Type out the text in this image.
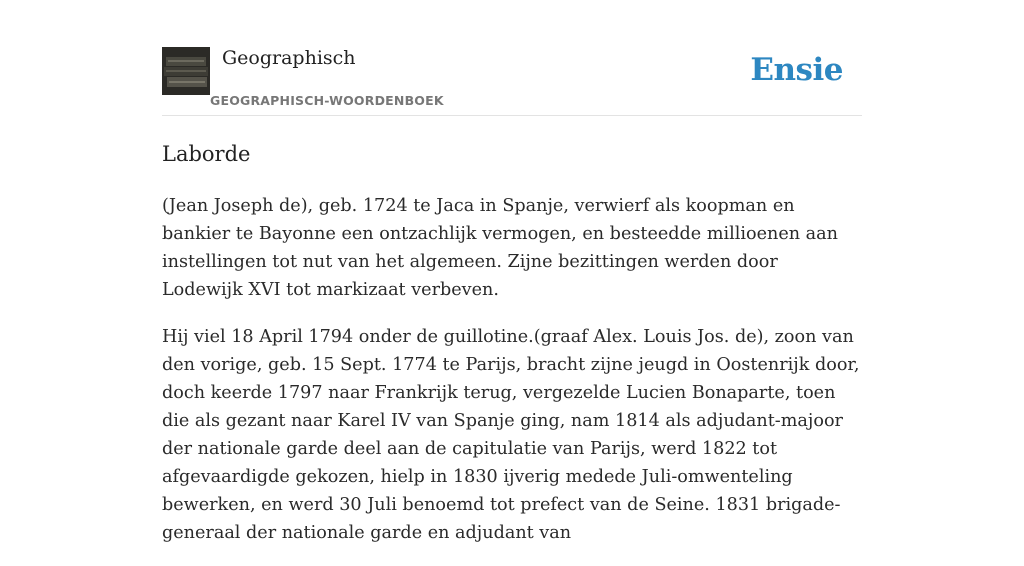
Geographisch
GEOGRAPHISCH-WOORDENBOEK
Ensie
Laborde

(Jean Joseph de), geb. 1724 te Jaca in Spanje, verwierf als koopman en bankier te Bayonne een ontzachlijk vermogen, en besteedde millioenen aan instellingen tot nut van het algemeen. Zijne bezittingen werden door Lodewijk XVI tot markizaat verbeven.

Hij viel 18 April 1794 onder de guillotine.(graaf Alex. Louis Jos. de), zoon van den vorige, geb. 15 Sept. 1774 te Parijs, bracht zijne jeugd in Oostenrijk door, doch keerde 1797 naar Frankrijk terug, vergezelde Lucien Bonaparte, toen die als gezant naar Karel IV van Spanje ging, nam 1814 als adjudant-majoor der nationale garde deel aan de capitulatie van Parijs, werd 1822 tot afgevaardigde gekozen, hielp in 1830 ijverig medede Juli-omwenteling bewerken, en werd 30 Juli benoemd tot prefect van de Seine. 1831 brigade-generaal der nationale garde en adjudant van
